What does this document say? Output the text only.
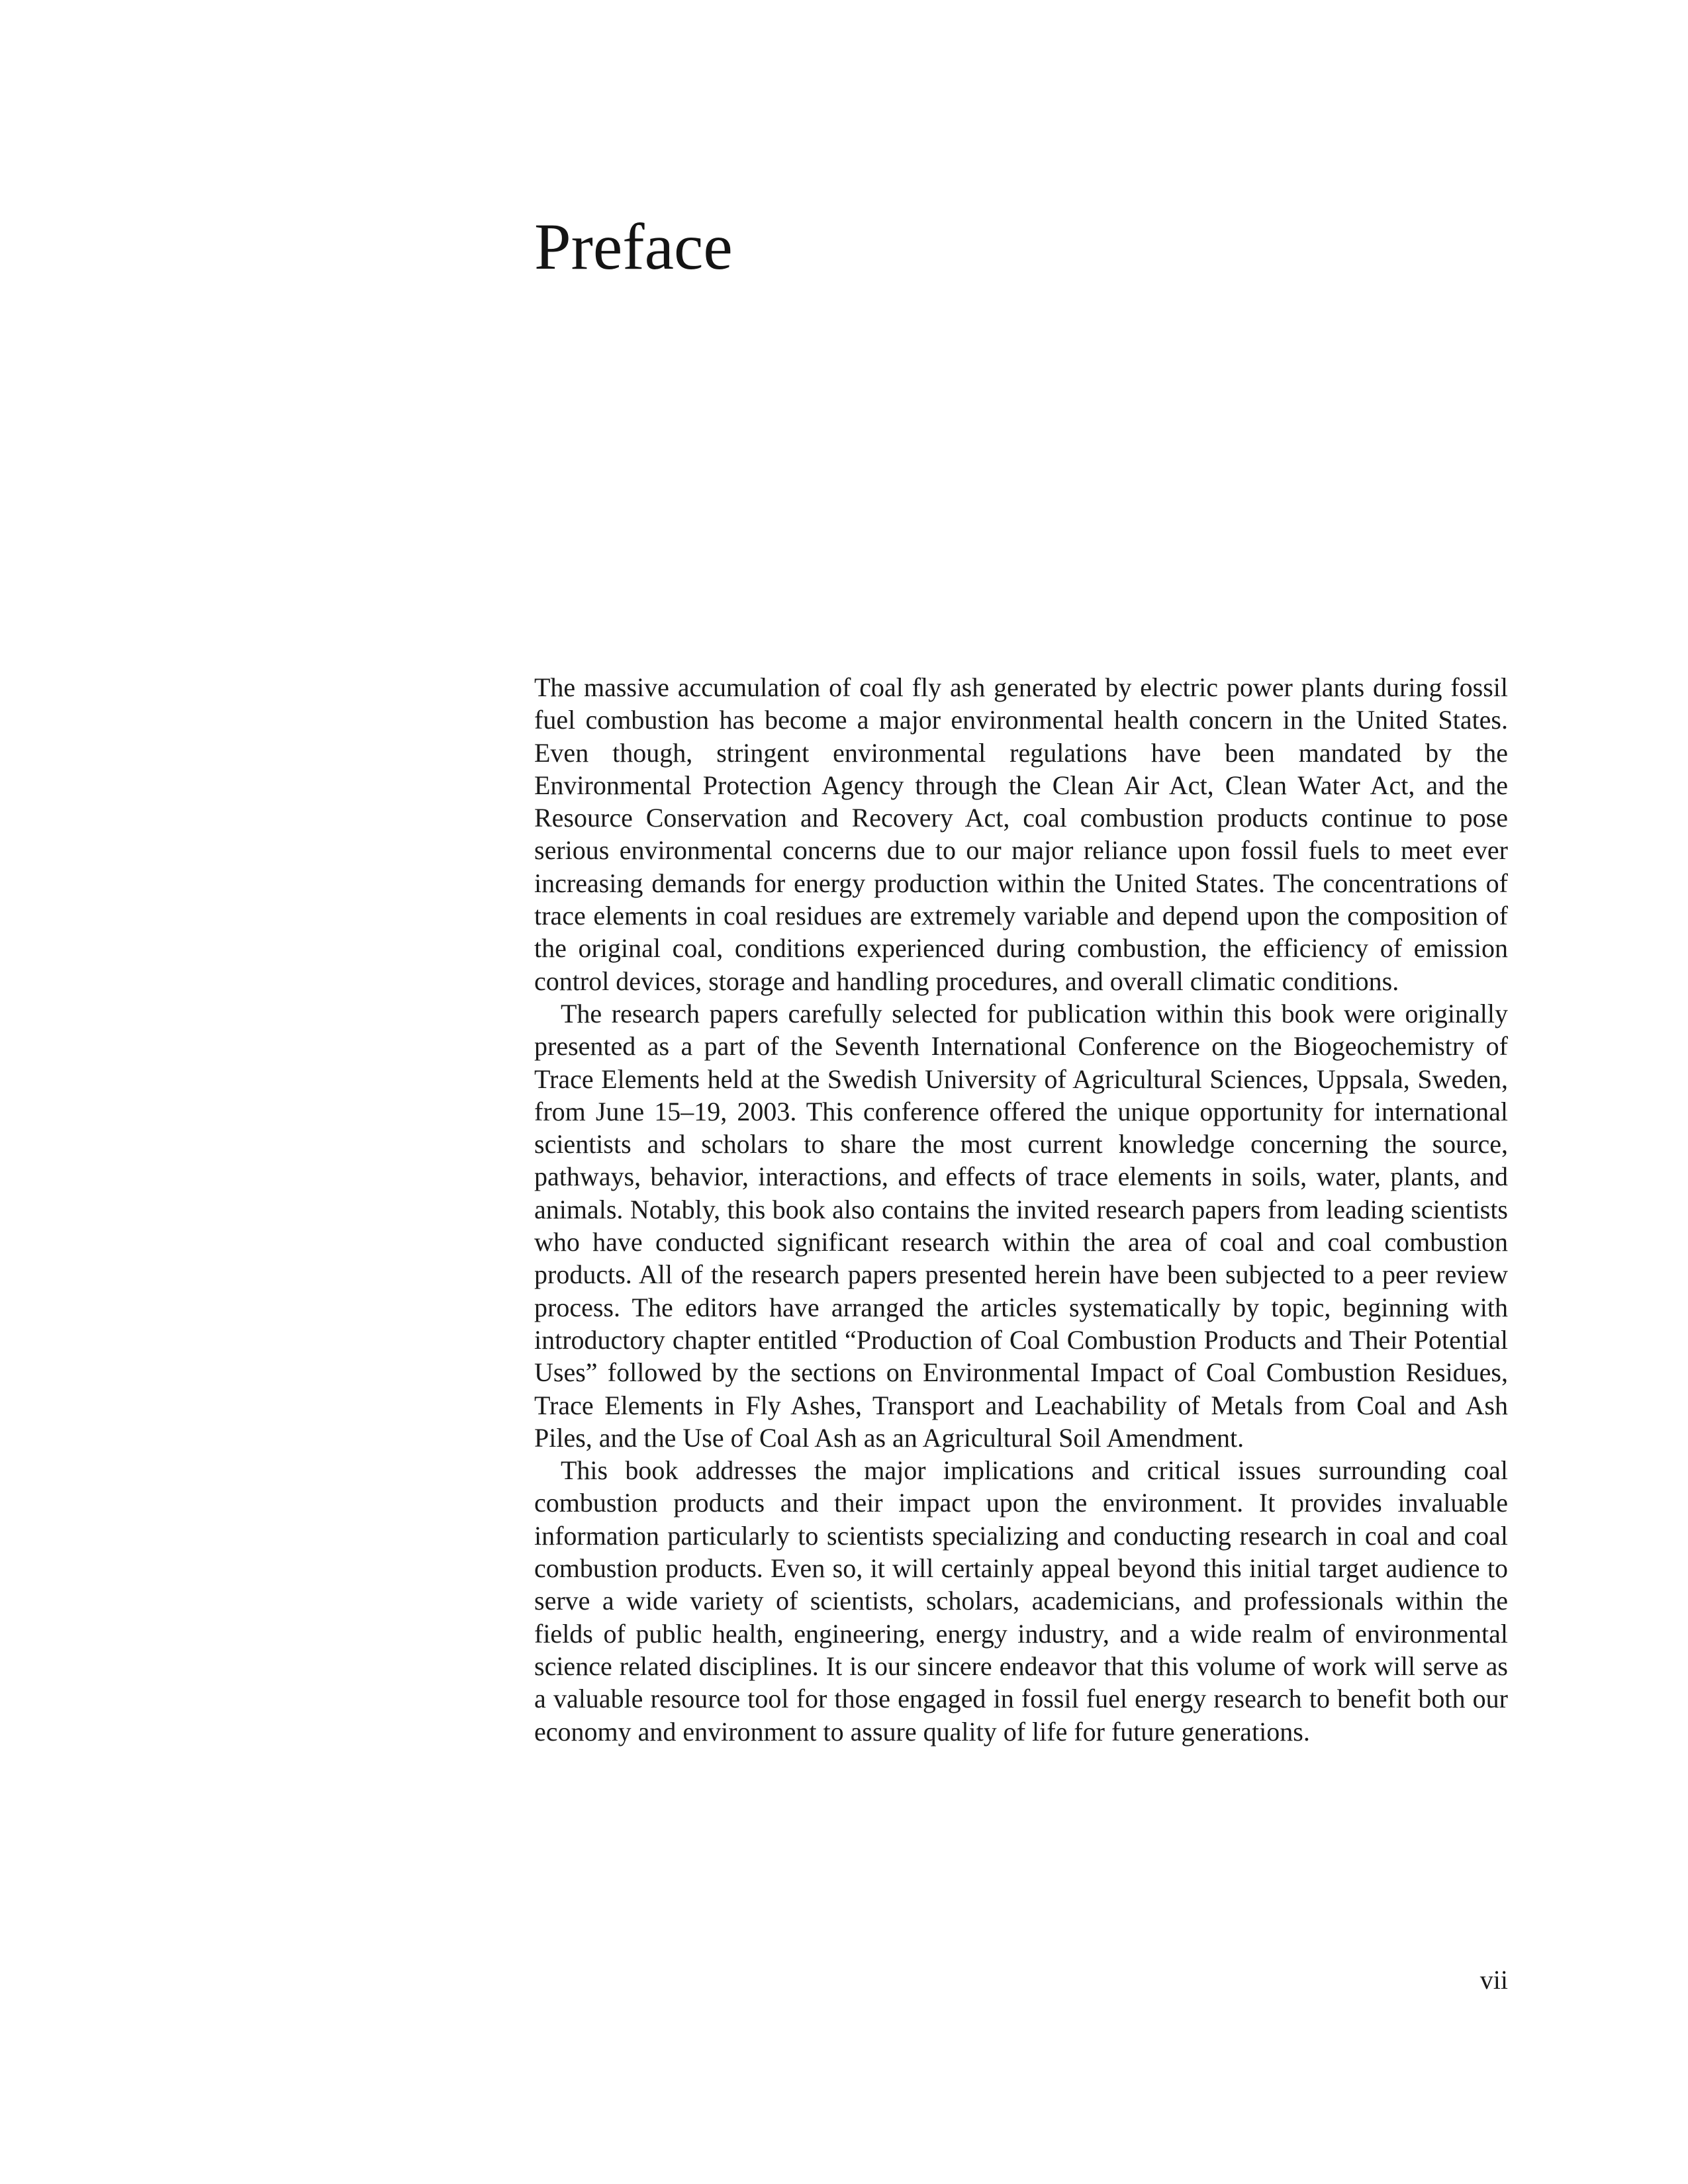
Preface

The massive accumulation of coal fly ash generated by electric power plants during fossil fuel combustion has become a major environmental health concern in the United States. Even though, stringent environmental regulations have been mandated by the Environmental Protection Agency through the Clean Air Act, Clean Water Act, and the Resource Conservation and Recovery Act, coal combustion products continue to pose serious environmental concerns due to our major reliance upon fossil fuels to meet ever increasing demands for energy production within the United States. The concentrations of trace elements in coal residues are extremely variable and depend upon the composition of the original coal, conditions experienced during combustion, the efficiency of emission control devices, storage and handling procedures, and overall climatic conditions.

The research papers carefully selected for publication within this book were originally presented as a part of the Seventh International Conference on the Biogeochemistry of Trace Elements held at the Swedish University of Agricultural Sciences, Uppsala, Sweden, from June 15–19, 2003. This conference offered the unique opportunity for international scientists and scholars to share the most current knowledge concerning the source, pathways, behavior, interactions, and effects of trace elements in soils, water, plants, and animals. Notably, this book also contains the invited research papers from leading scientists who have conducted significant research within the area of coal and coal combustion products. All of the research papers presented herein have been subjected to a peer review process. The editors have arranged the articles systematically by topic, beginning with introductory chapter entitled “Production of Coal Combustion Products and Their Potential Uses” followed by the sections on Environmental Impact of Coal Combustion Residues, Trace Elements in Fly Ashes, Transport and Leachability of Metals from Coal and Ash Piles, and the Use of Coal Ash as an Agricultural Soil Amendment.

This book addresses the major implications and critical issues surrounding coal combustion products and their impact upon the environment. It provides invaluable information particularly to scientists specializing and conducting research in coal and coal combustion products. Even so, it will certainly appeal beyond this initial target audience to serve a wide variety of scientists, scholars, academicians, and professionals within the fields of public health, engineering, energy industry, and a wide realm of environmental science related disciplines. It is our sincere endeavor that this volume of work will serve as a valuable resource tool for those engaged in fossil fuel energy research to benefit both our economy and environment to assure quality of life for future generations.

vii
